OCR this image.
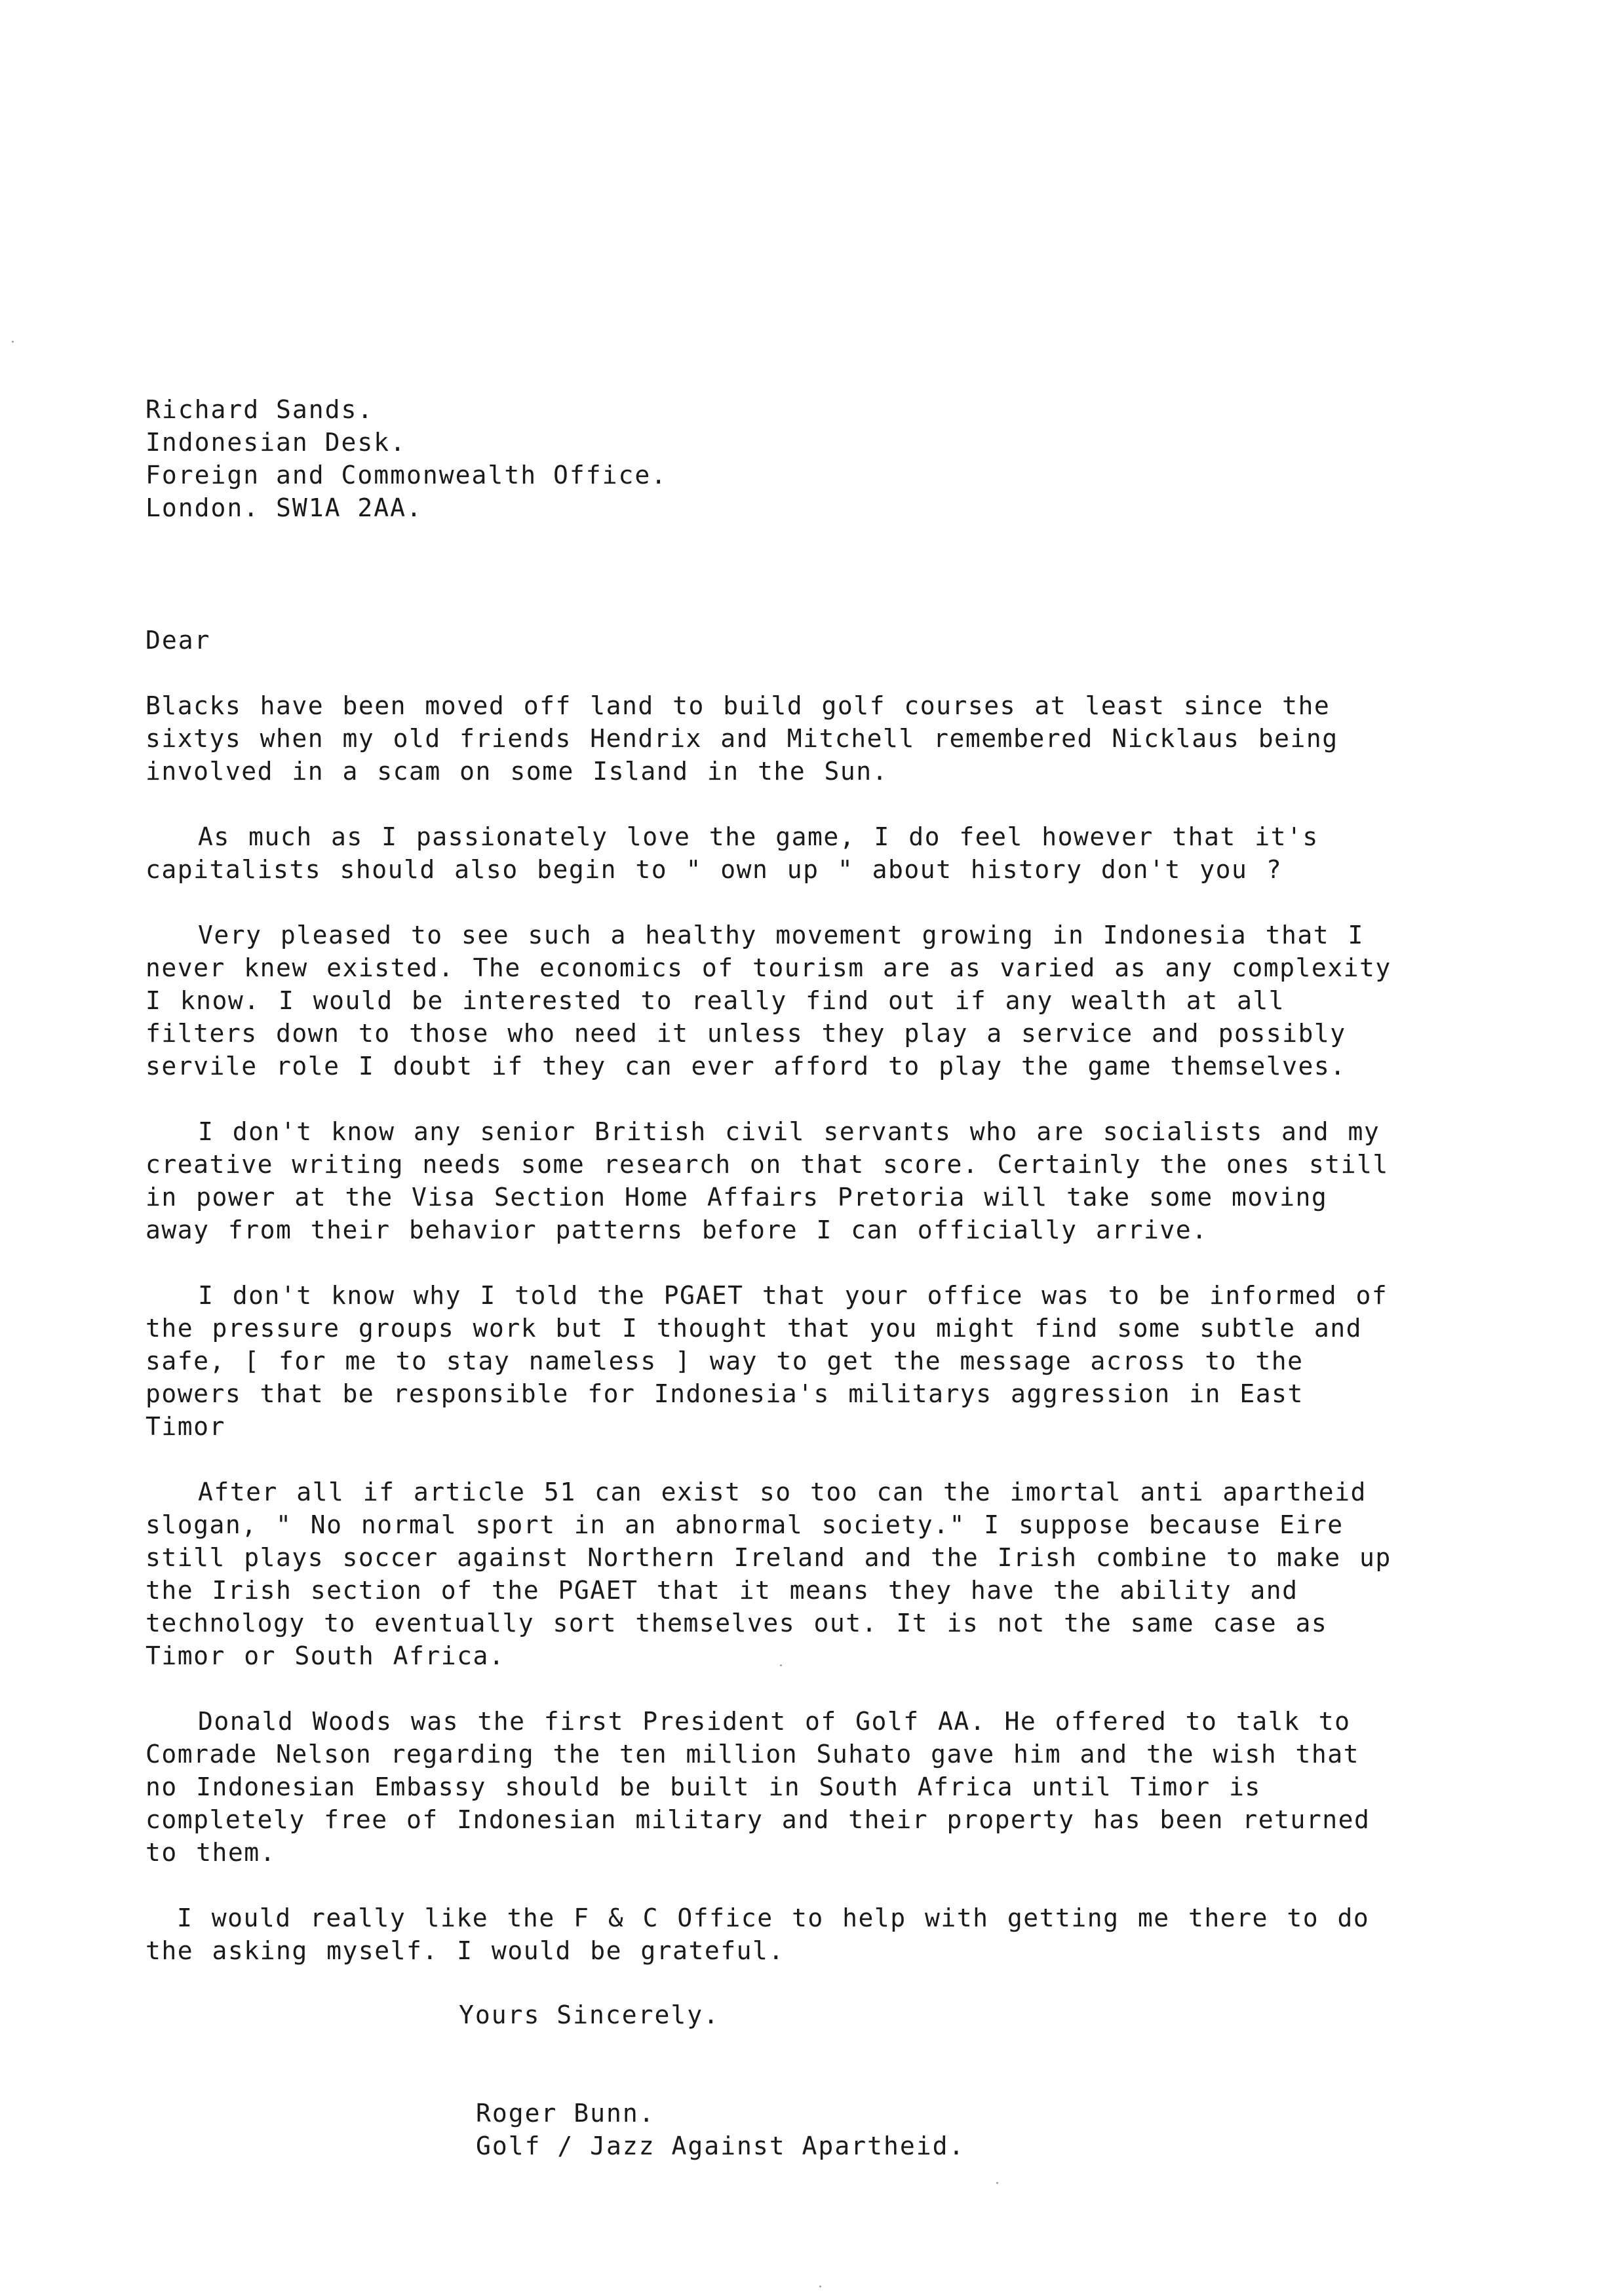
Richard Sands.
Indonesian Desk.
Foreign and Commonwealth Office.
London. SW1A 2AA.
Dear
Blacks have been moved off land to build golf courses at least since the
sixtys when my old friends Hendrix and Mitchell remembered Nicklaus being
involved in a scam on some Island in the Sun.
As much as I passionately love the game, I do feel however that it's
capitalists should also begin to " own up " about history don't you ?
Very pleased to see such a healthy movement growing in Indonesia that I
never knew existed. The economics of tourism are as varied as any complexity
I know. I would be interested to really find out if any wealth at all
filters down to those who need it unless they play a service and possibly
servile role I doubt if they can ever afford to play the game themselves.
I don't know any senior British civil servants who are socialists and my
creative writing needs some research on that score. Certainly the ones still
in power at the Visa Section Home Affairs Pretoria will take some moving
away from their behavior patterns before I can officially arrive.
I don't know why I told the PGAET that your office was to be informed of
the pressure groups work but I thought that you might find some subtle and
safe, [ for me to stay nameless ] way to get the message across to the
powers that be responsible for Indonesia's militarys aggression in East
Timor
After all if article 51 can exist so too can the imortal anti apartheid
slogan, " No normal sport in an abnormal society." I suppose because Eire
still plays soccer against Northern Ireland and the Irish combine to make up
the Irish section of the PGAET that it means they have the ability and
technology to eventually sort themselves out. It is not the same case as
Timor or South Africa.
Donald Woods was the first President of Golf AA. He offered to talk to
Comrade Nelson regarding the ten million Suhato gave him and the wish that
no Indonesian Embassy should be built in South Africa until Timor is
completely free of Indonesian military and their property has been returned
to them.
I would really like the F & C Office to help with getting me there to do
the asking myself. I would be grateful.
Yours Sincerely.
Roger Bunn.
Golf / Jazz Against Apartheid.
